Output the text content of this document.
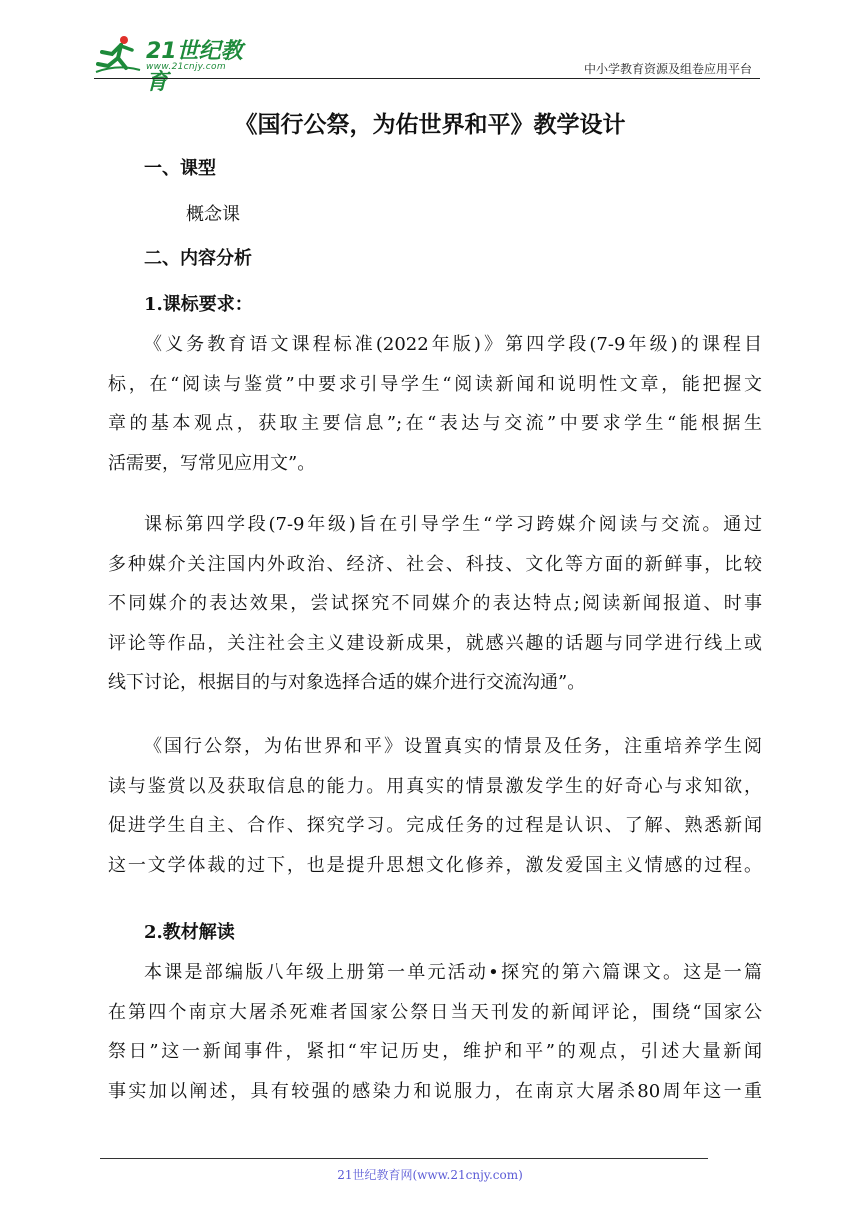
21世纪教育
www.21cnjy.com	中小学教育资源及组卷应用平台
《国行公祭，为佑世界和平》教学设计
一、课型
概念课
二、内容分析
1.课标要求：
《义务教育语文课程标准(2022年版)》第四学段(7-9年级)的课程目
标，在“阅读与鉴赏”中要求引导学生“阅读新闻和说明性文章，能把握文
章的基本观点，获取主要信息”;在“表达与交流”中要求学生“能根据生
活需要，写常见应用文”。
课标第四学段(7-9年级)旨在引导学生“学习跨媒介阅读与交流。通过
多种媒介关注国内外政治、经济、社会、科技、文化等方面的新鲜事，比较
不同媒介的表达效果，尝试探究不同媒介的表达特点;阅读新闻报道、时事
评论等作品，关注社会主义建设新成果，就感兴趣的话题与同学进行线上或
线下讨论，根据目的与对象选择合适的媒介进行交流沟通”。
《国行公祭，为佑世界和平》设置真实的情景及任务，注重培养学生阅
读与鉴赏以及获取信息的能力。用真实的情景激发学生的好奇心与求知欲，
促进学生自主、合作、探究学习。完成任务的过程是认识、了解、熟悉新闻
这一文学体裁的过下，也是提升思想文化修养，激发爱国主义情感的过程。
2.教材解读
本课是部编版八年级上册第一单元活动•探究的第六篇课文。这是一篇
在第四个南京大屠杀死难者国家公祭日当天刊发的新闻评论，围绕“国家公
祭日”这一新闻事件，紧扣“牢记历史，维护和平”的观点，引述大量新闻
事实加以阐述，具有较强的感染力和说服力，在南京大屠杀80周年这一重
21世纪教育网(www.21cnjy.com)
